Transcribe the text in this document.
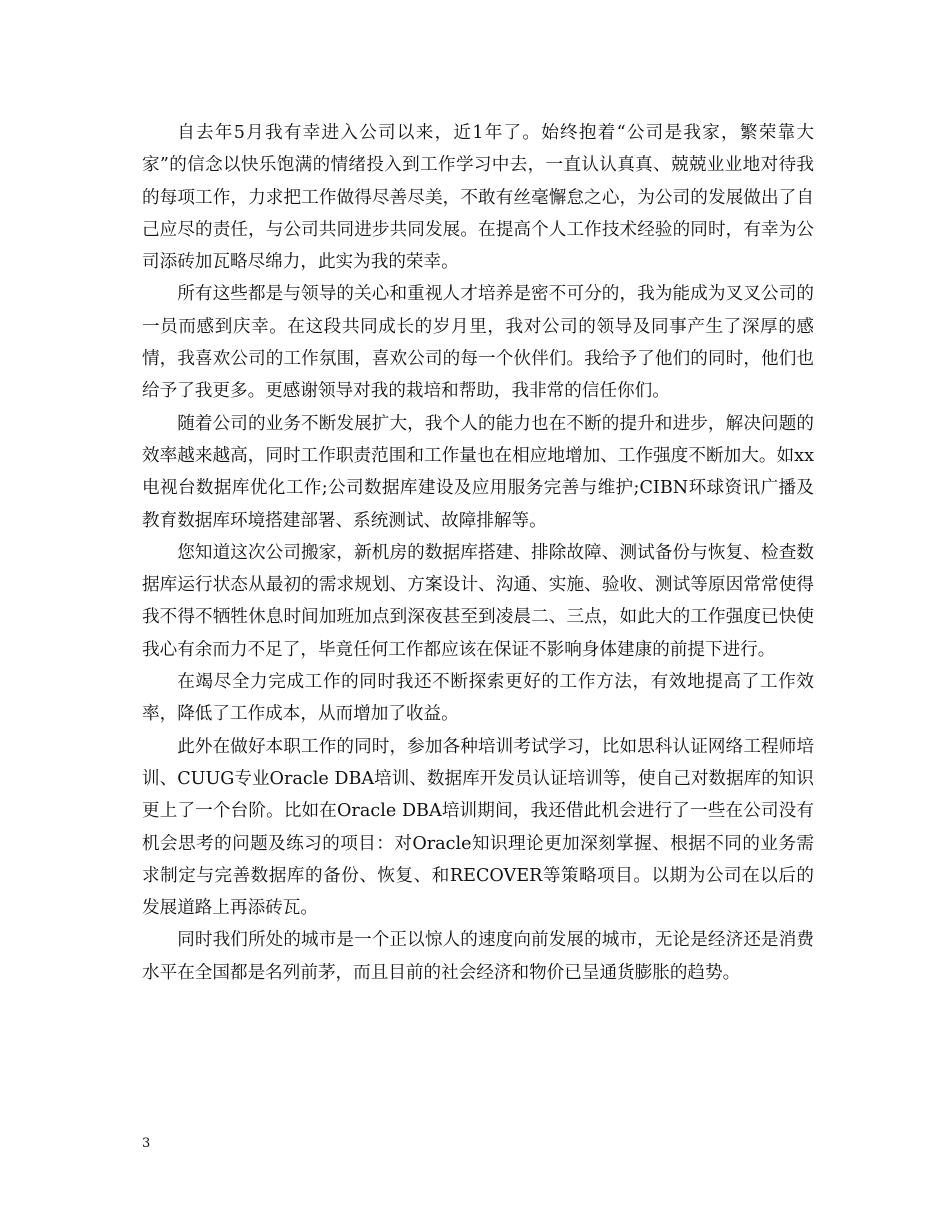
自去年5月我有幸进入公司以来，近1年了。始终抱着“公司是我家，繁荣靠大家”的信念以快乐饱满的情绪投入到工作学习中去，一直认认真真、兢兢业业地对待我的每项工作，力求把工作做得尽善尽美，不敢有丝毫懈怠之心，为公司的发展做出了自己应尽的责任，与公司共同进步共同发展。在提高个人工作技术经验的同时，有幸为公司添砖加瓦略尽绵力，此实为我的荣幸。

所有这些都是与领导的关心和重视人才培养是密不可分的，我为能成为叉叉公司的一员而感到庆幸。在这段共同成长的岁月里，我对公司的领导及同事产生了深厚的感情，我喜欢公司的工作氛围，喜欢公司的每一个伙伴们。我给予了他们的同时，他们也给予了我更多。更感谢领导对我的栽培和帮助，我非常的信任你们。

随着公司的业务不断发展扩大，我个人的能力也在不断的提升和进步，解决问题的效率越来越高，同时工作职责范围和工作量也在相应地增加、工作强度不断加大。如xx电视台数据库优化工作;公司数据库建设及应用服务完善与维护;CIBN环球资讯广播及教育数据库环境搭建部署、系统测试、故障排解等。

您知道这次公司搬家，新机房的数据库搭建、排除故障、测试备份与恢复、检查数据库运行状态从最初的需求规划、方案设计、沟通、实施、验收、测试等原因常常使得我不得不牺牲休息时间加班加点到深夜甚至到凌晨二、三点，如此大的工作强度已快使我心有余而力不足了，毕竟任何工作都应该在保证不影响身体建康的前提下进行。

在竭尽全力完成工作的同时我还不断探索更好的工作方法，有效地提高了工作效率，降低了工作成本，从而增加了收益。

此外在做好本职工作的同时，参加各种培训考试学习，比如思科认证网络工程师培训、CUUG专业Oracle DBA培训、数据库开发员认证培训等，使自己对数据库的知识更上了一个台阶。比如在Oracle DBA培训期间，我还借此机会进行了一些在公司没有机会思考的问题及练习的项目：对Oracle知识理论更加深刻掌握、根据不同的业务需求制定与完善数据库的备份、恢复、和RECOVER等策略项目。以期为公司在以后的发展道路上再添砖瓦。

同时我们所处的城市是一个正以惊人的速度向前发展的城市，无论是经济还是消费水平在全国都是名列前茅，而且目前的社会经济和物价已呈通货膨胀的趋势。

3
